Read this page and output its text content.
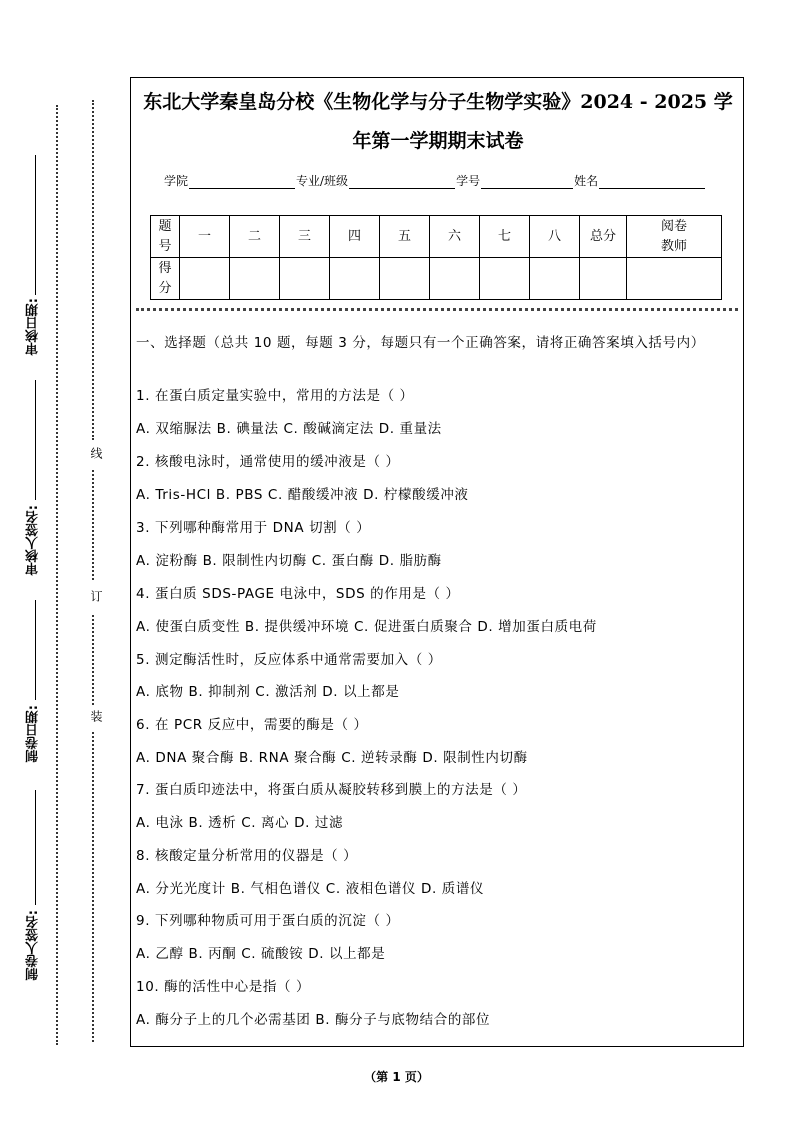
审核日期:
审核人签名:
制卷日期:
制卷人签名:
线
订
装
东北大学秦皇岛分校《生物化学与分子生物学实验》2024 - 2025 学
年第一学期期末试卷
学院	专业/班级	学号	姓名
题
号	一	二	三	四	五	六	七	八	总分	阅卷
教师
得
分										
一、选择题（总共 10 题，每题 3 分，每题只有一个正确答案，请将正确答案填入括号内）
1. 在蛋白质定量实验中，常用的方法是（ ）
A. 双缩脲法 B. 碘量法 C. 酸碱滴定法 D. 重量法
2. 核酸电泳时，通常使用的缓冲液是（ ）
A. Tris-HCl B. PBS C. 醋酸缓冲液 D. 柠檬酸缓冲液
3. 下列哪种酶常用于 DNA 切割（ ）
A. 淀粉酶 B. 限制性内切酶 C. 蛋白酶 D. 脂肪酶
4. 蛋白质 SDS-PAGE 电泳中，SDS 的作用是（ ）
A. 使蛋白质变性 B. 提供缓冲环境 C. 促进蛋白质聚合 D. 增加蛋白质电荷
5. 测定酶活性时，反应体系中通常需要加入（ ）
A. 底物 B. 抑制剂 C. 激活剂 D. 以上都是
6. 在 PCR 反应中，需要的酶是（ ）
A. DNA 聚合酶 B. RNA 聚合酶 C. 逆转录酶 D. 限制性内切酶
7. 蛋白质印迹法中，将蛋白质从凝胶转移到膜上的方法是（ ）
A. 电泳 B. 透析 C. 离心 D. 过滤
8. 核酸定量分析常用的仪器是（ ）
A. 分光光度计 B. 气相色谱仪 C. 液相色谱仪 D. 质谱仪
9. 下列哪种物质可用于蛋白质的沉淀（ ）
A. 乙醇 B. 丙酮 C. 硫酸铵 D. 以上都是
10. 酶的活性中心是指（ ）
A. 酶分子上的几个必需基团 B. 酶分子与底物结合的部位
（第 1 页）
